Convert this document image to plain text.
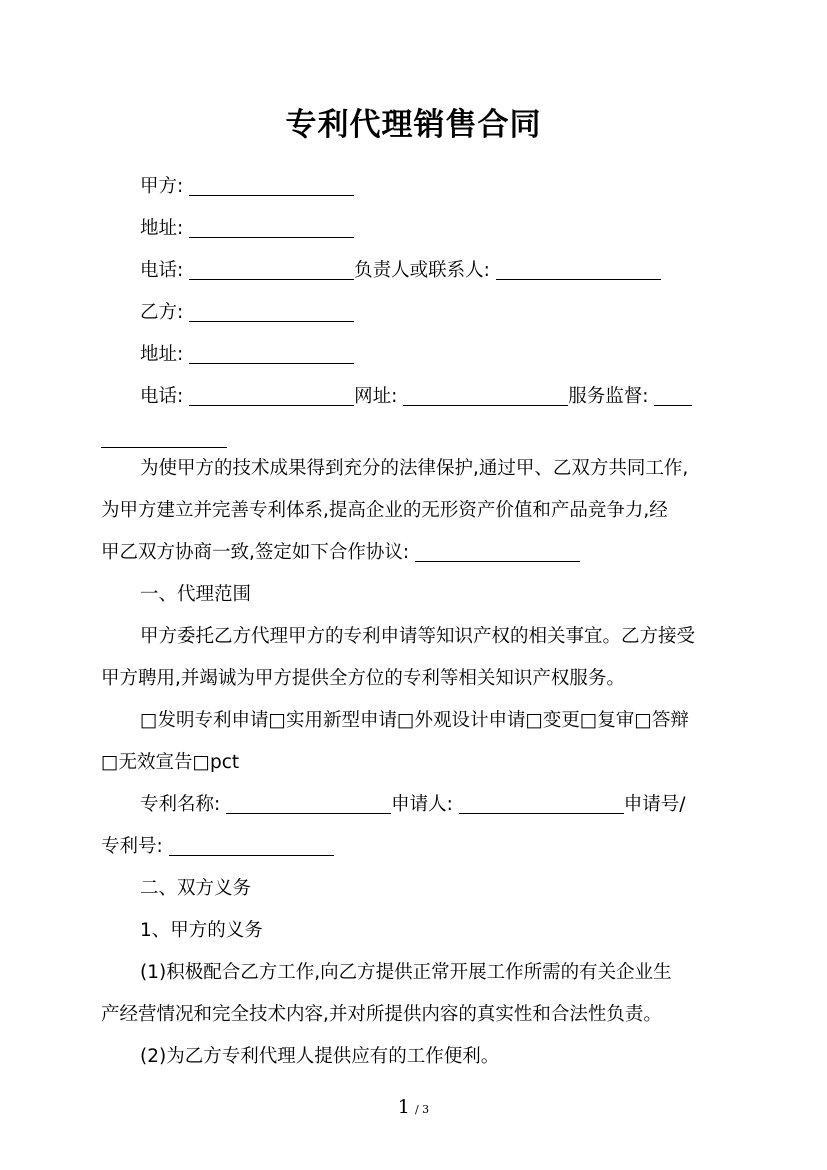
专利代理销售合同
甲方:
地址:
电话:	负责人或联系人:
乙方:
地址:
电话:	网址:	服务监督:
为使甲方的技术成果得到充分的法律保护,通过甲、乙双方共同工作,
为甲方建立并完善专利体系,提高企业的无形资产价值和产品竞争力,经
甲乙双方协商一致,签定如下合作协议:
一、代理范围
甲方委托乙方代理甲方的专利申请等知识产权的相关事宜。乙方接受
甲方聘用,并竭诚为甲方提供全方位的专利等相关知识产权服务。
□发明专利申请□实用新型申请□外观设计申请□变更□复审□答辩
□无效宣告□pct
专利名称:	申请人:	申请号/
专利号:
二、双方义务
1、甲方的义务
(1)积极配合乙方工作,向乙方提供正常开展工作所需的有关企业生
产经营情况和完全技术内容,并对所提供内容的真实性和合法性负责。
(2)为乙方专利代理人提供应有的工作便利。
1 / 3
